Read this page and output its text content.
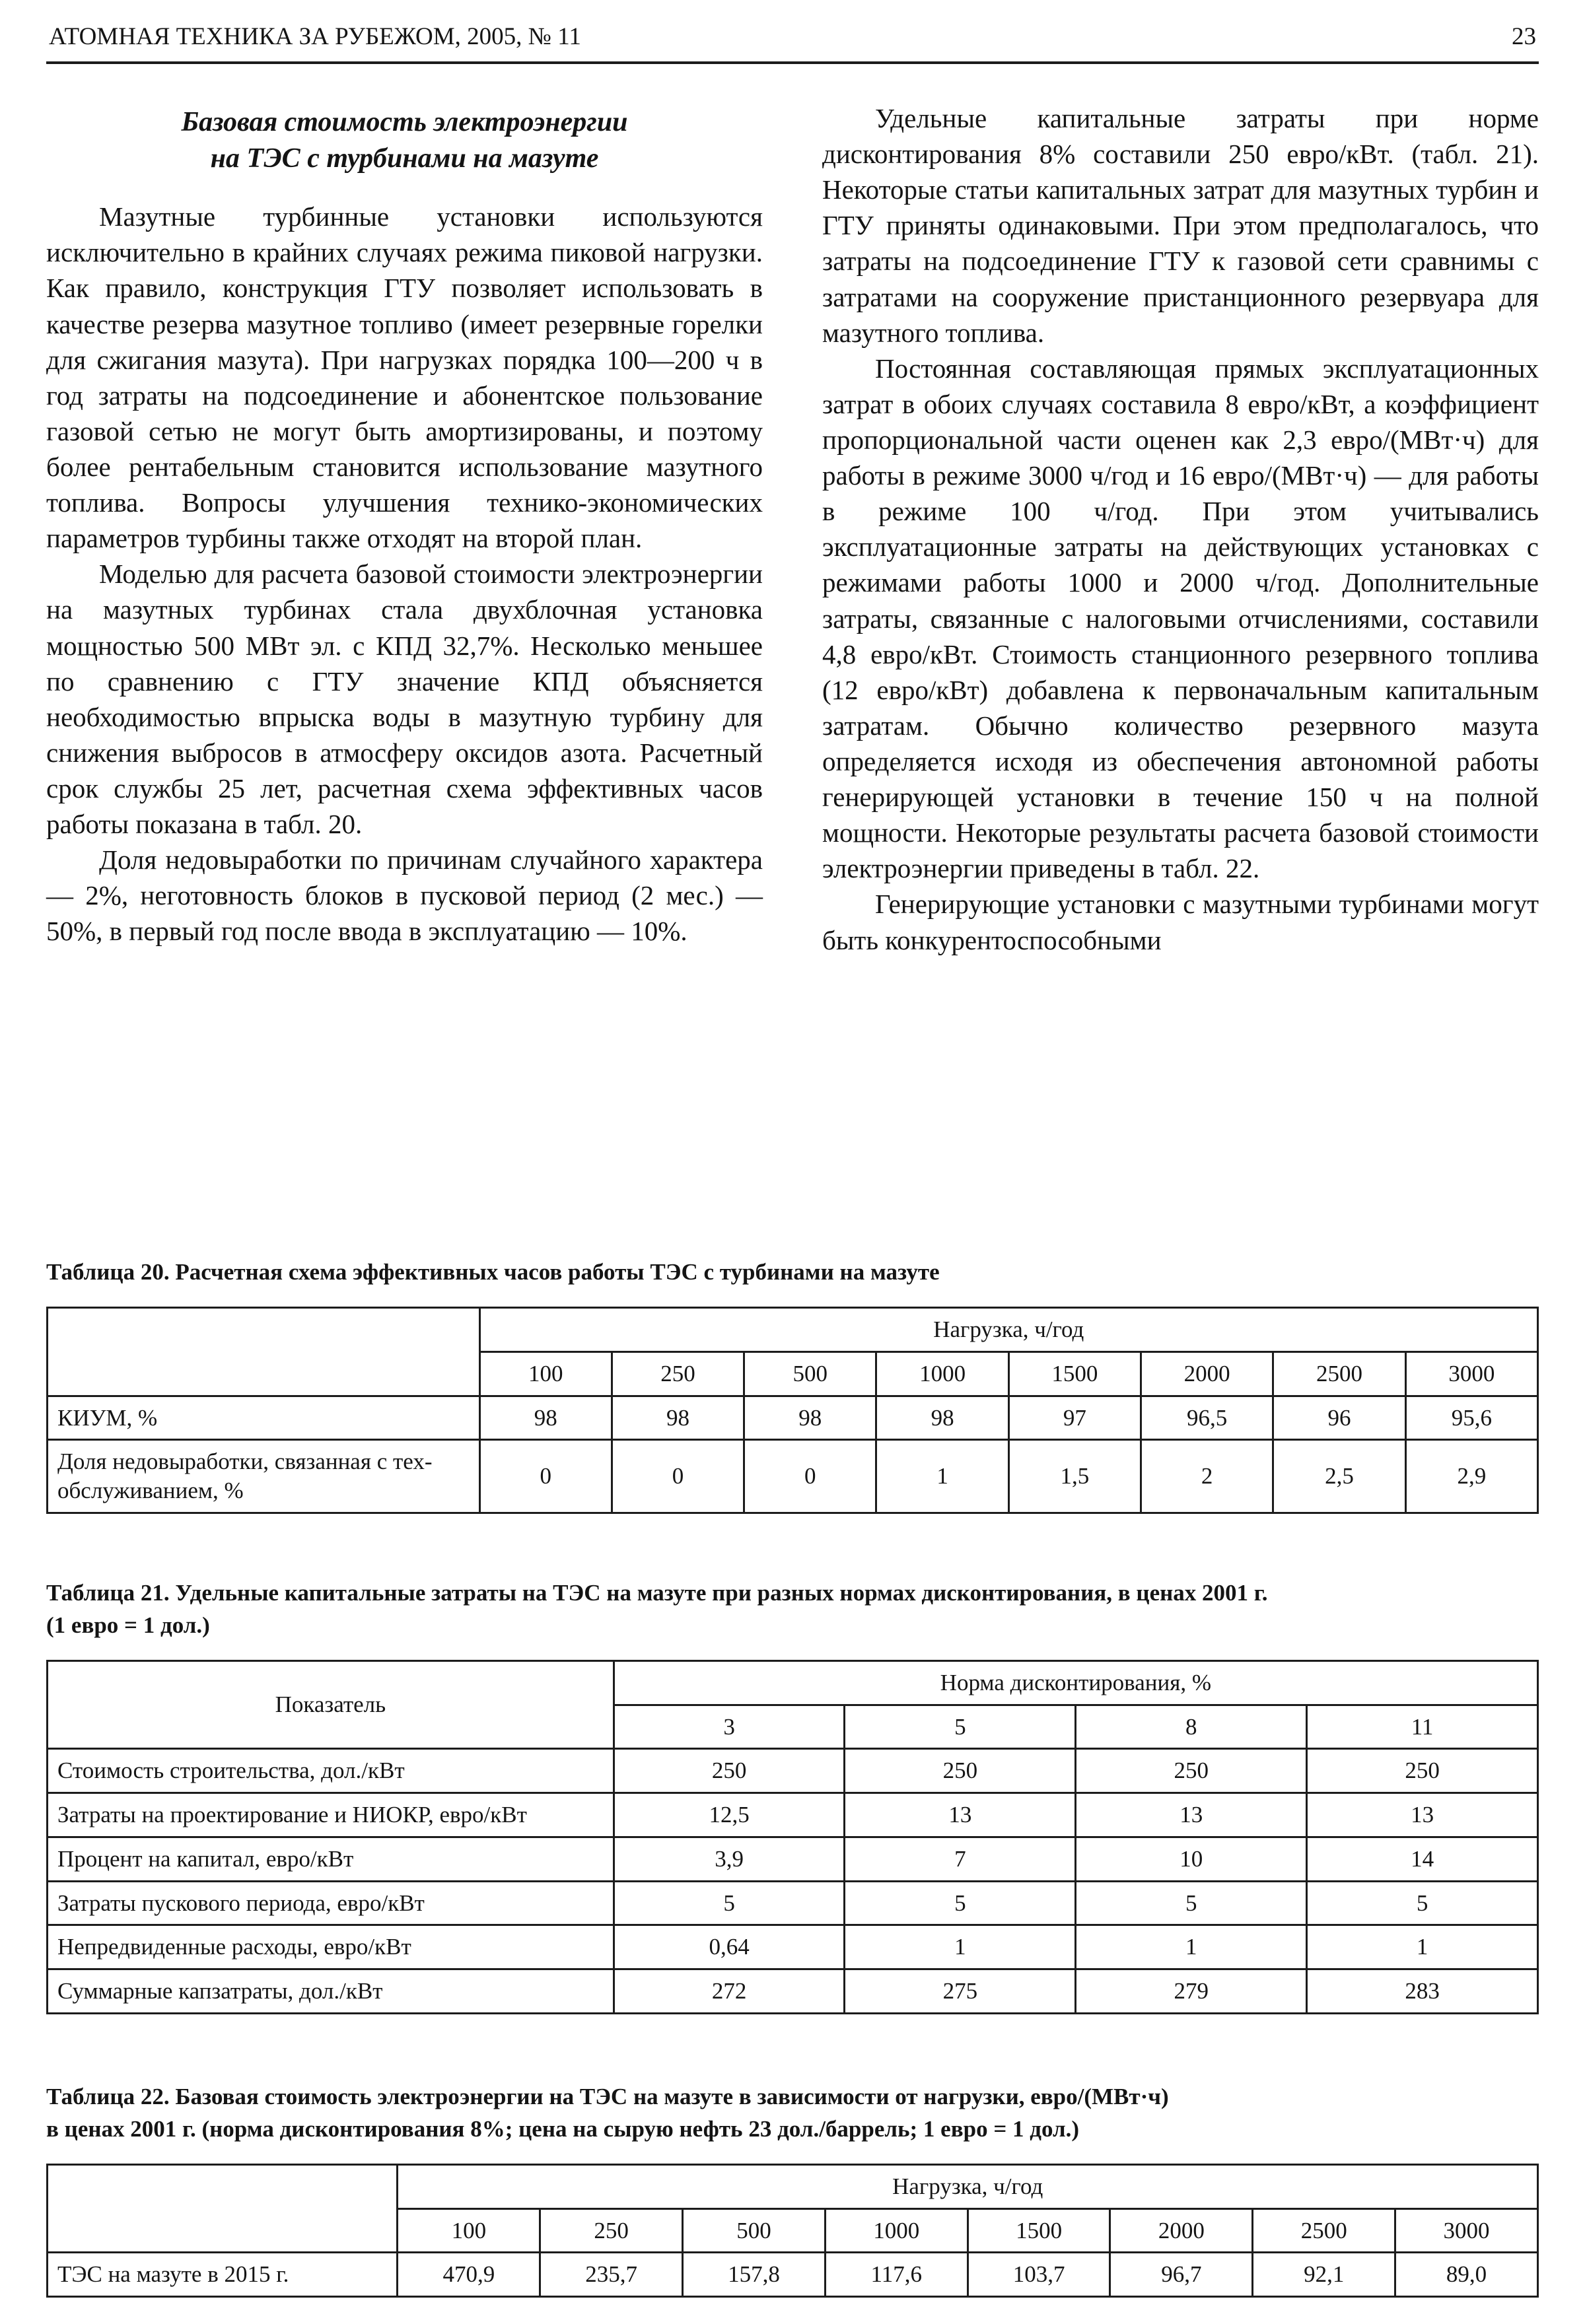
АТОМНАЯ ТЕХНИКА ЗА РУБЕЖОМ, 2005, № 11	23
Базовая стоимость электроэнергии
на ТЭС с турбинами на мазуте

Мазутные турбинные установки используются исключительно в крайних случаях режима пиковой нагрузки. Как правило, конструкция ГТУ позволяет использовать в качестве резерва мазутное топливо (имеет резервные горелки для сжигания мазута). При нагрузках порядка 100—200 ч в год затраты на подсоединение и абонентское пользование газовой сетью не могут быть амортизированы, и поэтому более рентабельным становится использование мазутного топлива. Вопросы улучшения технико-экономических параметров турбины также отходят на второй план.

Моделью для расчета базовой стоимости электроэнергии на мазутных турбинах стала двухблочная установка мощностью 500 МВт эл. с КПД 32,7%. Несколько меньшее по сравнению с ГТУ значение КПД объясняется необходимостью впрыска воды в мазутную турбину для снижения выбросов в атмосферу оксидов азота. Расчетный срок службы 25 лет, расчетная схема эффективных часов работы показана в табл. 20.

Доля недовыработки по причинам случайного характера — 2%, неготовность блоков в пусковой период (2 мес.) — 50%, в первый год после ввода в эксплуатацию — 10%.

Удельные капитальные затраты при норме дисконтирования 8% составили 250 евро/кВт. (табл. 21). Некоторые статьи капитальных затрат для мазутных турбин и ГТУ приняты одинаковыми. При этом предполагалось, что затраты на подсоединение ГТУ к газовой сети сравнимы с затратами на сооружение пристанционного резервуара для мазутного топлива.

Постоянная составляющая прямых эксплуатационных затрат в обоих случаях составила 8 евро/кВт, а коэффициент пропорциональной части оценен как 2,3 евро/(МВт·ч) для работы в режиме 3000 ч/год и 16 евро/(МВт·ч) — для работы в режиме 100 ч/год. При этом учитывались эксплуатационные затраты на действующих установках с режимами работы 1000 и 2000 ч/год. Дополнительные затраты, связанные с налоговыми отчислениями, составили 4,8 евро/кВт. Стоимость станционного резервного топлива (12 евро/кВт) добавлена к первоначальным капитальным затратам. Обычно количество резервного мазута определяется исходя из обеспечения автономной работы генерирующей установки в течение 150 ч на полной мощности. Некоторые результаты расчета базовой стоимости электроэнергии приведены в табл. 22.

Генерирующие установки с мазутными турбинами могут быть конкурентоспособными

Таблица 20. Расчетная схема эффективных часов работы ТЭС с турбинами на мазуте

	Нагрузка, ч/год							
	100	250	500	1000	1500	2000	2500	3000
КИУМ, %	98	98	98	98	97	96,5	96	95,6
Доля недовыработки, связанная с тех-обслуживанием, %	0	0	0	1	1,5	2	2,5	2,9

Таблица 21. Удельные капитальные затраты на ТЭС на мазуте при разных нормах дисконтирования, в ценах 2001 г.
(1 евро = 1 дол.)

Показатель	Норма дисконтирования, %			
	3	5	8	11
Стоимость строительства, дол./кВт	250	250	250	250
Затраты на проектирование и НИОКР, евро/кВт	12,5	13	13	13
Процент на капитал, евро/кВт	3,9	7	10	14
Затраты пускового периода, евро/кВт	5	5	5	5
Непредвиденные расходы, евро/кВт	0,64	1	1	1
Суммарные капзатраты, дол./кВт	272	275	279	283

Таблица 22. Базовая стоимость электроэнергии на ТЭС на мазуте в зависимости от нагрузки, евро/(МВт·ч)
в ценах 2001 г. (норма дисконтирования 8%; цена на сырую нефть 23 дол./баррель; 1 евро = 1 дол.)

	Нагрузка, ч/год							
	100	250	500	1000	1500	2000	2500	3000
ТЭС на мазуте в 2015 г.	470,9	235,7	157,8	117,6	103,7	96,7	92,1	89,0
